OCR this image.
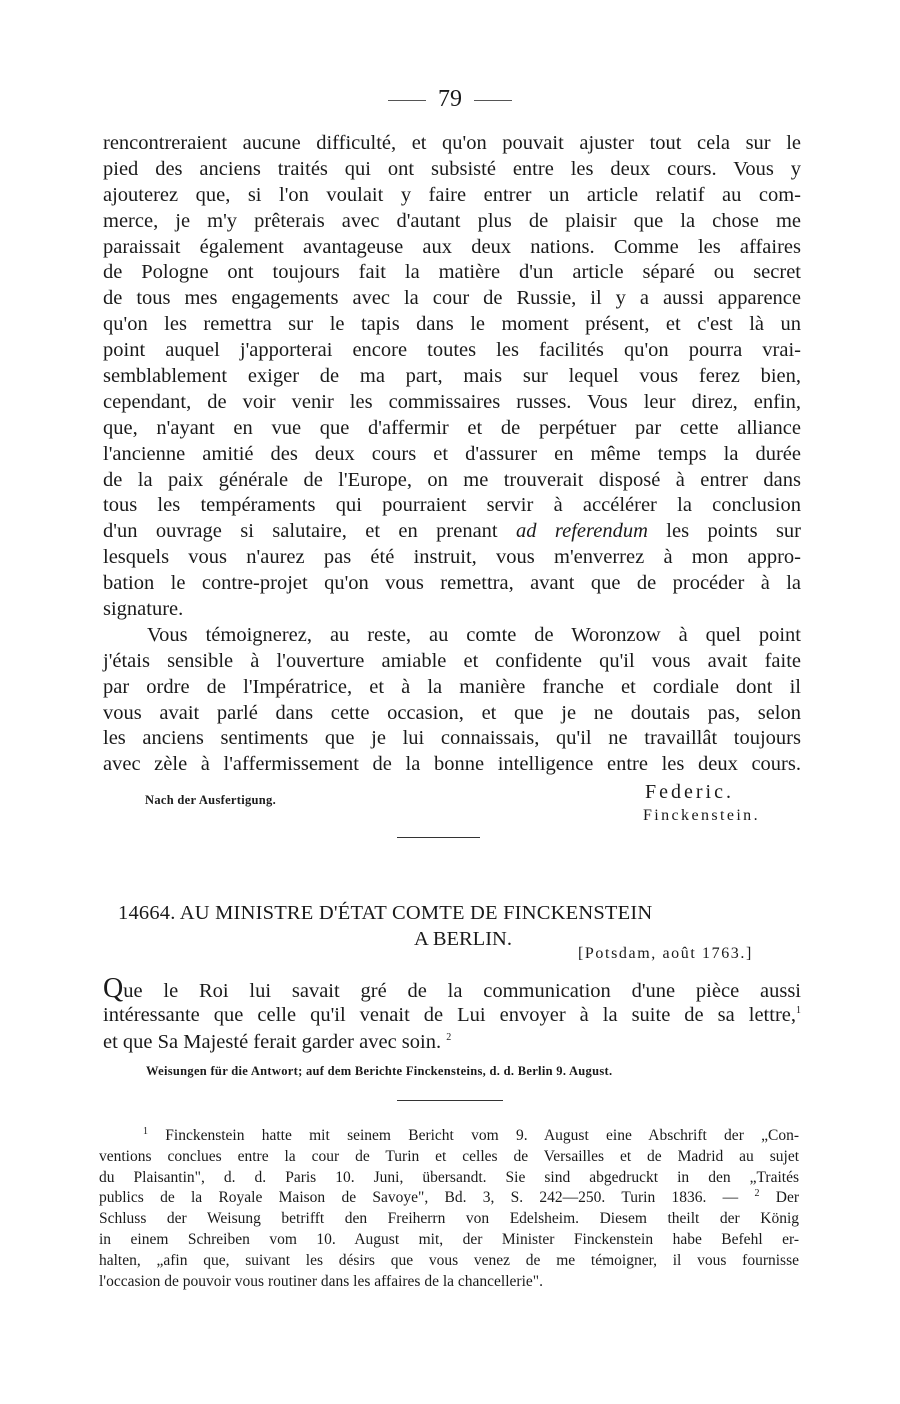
79
rencontreraient aucune difficulté, et qu'on pouvait ajuster tout cela sur le
pied des anciens traités qui ont subsisté entre les deux cours. Vous y
ajouterez que, si l'on voulait y faire entrer un article relatif au com-
merce, je m'y prêterais avec d'autant plus de plaisir que la chose me
paraissait également avantageuse aux deux nations. Comme les affaires
de Pologne ont toujours fait la matière d'un article séparé ou secret
de tous mes engagements avec la cour de Russie, il y a aussi apparence
qu'on les remettra sur le tapis dans le moment présent, et c'est là un
point auquel j'apporterai encore toutes les facilités qu'on pourra vrai-
semblablement exiger de ma part, mais sur lequel vous ferez bien,
cependant, de voir venir les commissaires russes. Vous leur direz, enfin,
que, n'ayant en vue que d'affermir et de perpétuer par cette alliance
l'ancienne amitié des deux cours et d'assurer en même temps la durée
de la paix générale de l'Europe, on me trouverait disposé à entrer dans
tous les tempéraments qui pourraient servir à accélérer la conclusion
d'un ouvrage si salutaire, et en prenant ad referendum les points sur
lesquels vous n'aurez pas été instruit, vous m'enverrez à mon appro-
bation le contre-projet qu'on vous remettra, avant que de procéder à la
signature.
Vous témoignerez, au reste, au comte de Woronzow à quel point
j'étais sensible à l'ouverture amiable et confidente qu'il vous avait faite
par ordre de l'Impératrice, et à la manière franche et cordiale dont il
vous avait parlé dans cette occasion, et que je ne doutais pas, selon
les anciens sentiments que je lui connaissais, qu'il ne travaillât toujours
avec zèle à l'affermissement de la bonne intelligence entre les deux cours.
Nach der Ausfertigung.	Federic.
Finckenstein.
14664. AU MINISTRE D'ÉTAT COMTE DE FINCKENSTEIN
A BERLIN.
[Potsdam, août 1763.]
Que le Roi lui savait gré de la communication d'une pièce aussi
intéressante que celle qu'il venait de Lui envoyer à la suite de sa lettre,$^1$
et que Sa Majesté ferait garder avec soin. $^2$
Weisungen für die Antwort; auf dem Berichte Finckensteins, d. d. Berlin 9. August.
$^1$ Finckenstein hatte mit seinem Bericht vom 9. August eine Abschrift der „Con-
ventions conclues entre la cour de Turin et celles de Versailles et de Madrid au sujet
du Plaisantin", d. d. Paris 10. Juni, übersandt. Sie sind abgedruckt in den „Traités
publics de la Royale Maison de Savoye", Bd. 3, S. 242—250. Turin 1836. — $^2$ Der
Schluss der Weisung betrifft den Freiherrn von Edelsheim. Diesem theilt der König
in einem Schreiben vom 10. August mit, der Minister Finckenstein habe Befehl er-
halten, „afin que, suivant les désirs que vous venez de me témoigner, il vous fournisse
l'occasion de pouvoir vous routiner dans les affaires de la chancellerie".
